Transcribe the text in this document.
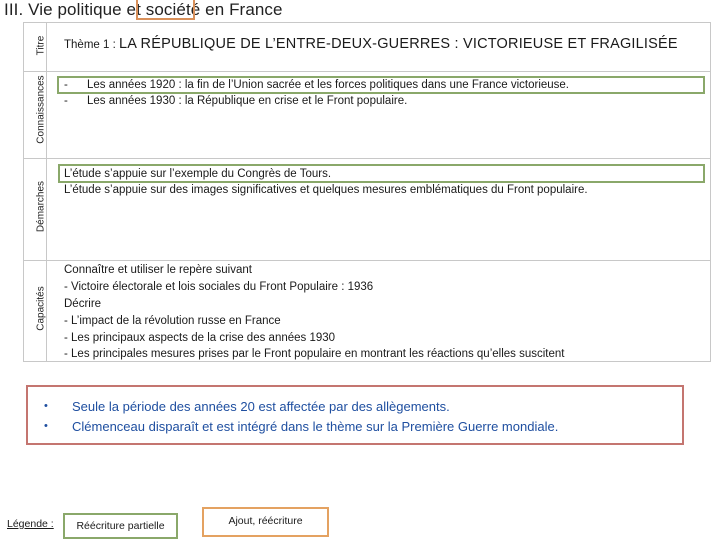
III. Vie politique et société en France
Titre
Connaissances
Démarches
Capacités
Thème 1 : LA RÉPUBLIQUE DE L’ENTRE-DEUX-GUERRES : VICTORIEUSE ET FRAGILISÉE
- Les années 1920 : la fin de l’Union sacrée et les forces politiques dans une France victorieuse.
- Les années 1930 : la République en crise et le Front populaire.
L’étude s’appuie sur l’exemple du Congrès de Tours.
L’étude s’appuie sur des images significatives et quelques mesures emblématiques du Front populaire.
Connaître et utiliser le repère suivant
- Victoire électorale et lois sociales du Front Populaire : 1936
Décrire
- L’impact de la révolution russe en France
- Les principaux aspects de la crise des années 1930
- Les principales mesures prises par le Front populaire en montrant les réactions qu’elles suscitent
•
•
Seule la période des années 20 est affectée par des allègements.
Clémenceau disparaît et est intégré dans le thème sur la Première Guerre mondiale.
Légende :	Réécriture partielle	Ajout, réécriture
